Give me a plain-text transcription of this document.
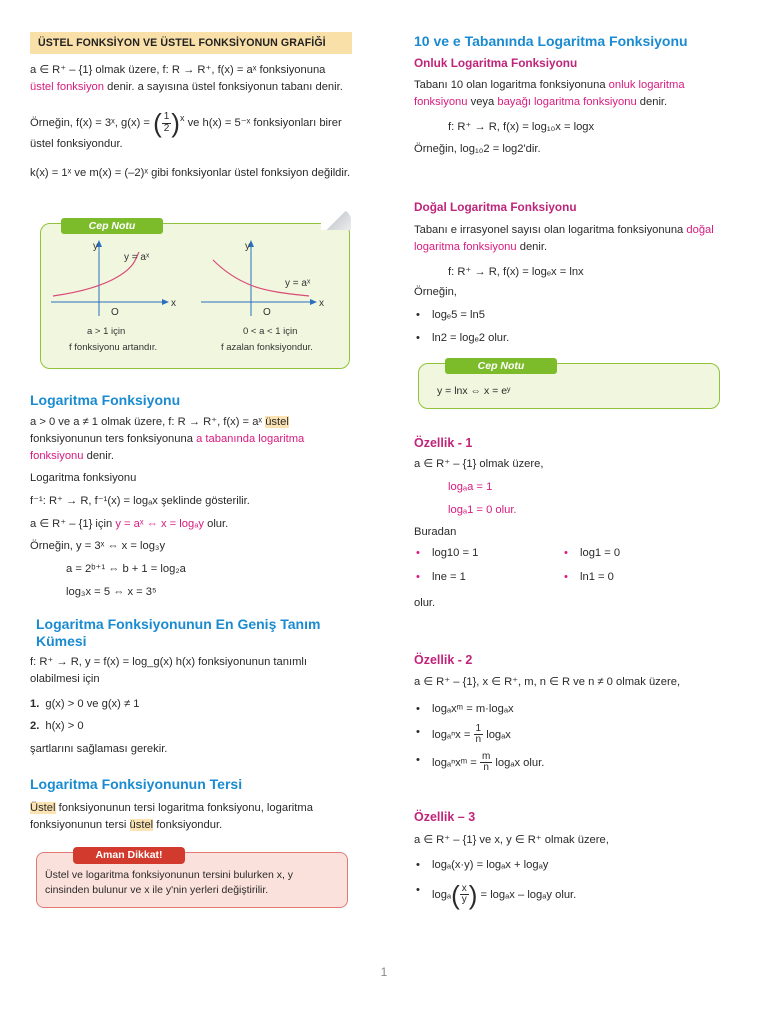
ÜSTEL FONKSİYON VE ÜSTEL FONKSİYONUN GRAFİĞİ

a ∈ R⁺ – {1} olmak üzere, f: R → R⁺, f(x) = aˣ fonksiyonuna üstel fonksiyon denir. a sayısına üstel fonksiyonun tabanı denir.

Örneğin, f(x) = 3ˣ, g(x) = ( $\frac{1}{2} )^x$ ve h(x) = 5⁻ˣ fonksiyonları birer üstel fonksiyondur.

k(x) = 1ˣ ve m(x) = (–2)ˣ gibi fonksiyonlar üstel fonksiyon değildir.

Cep Notu
y
x
O
y = aˣ
a > 1 için
f fonksiyonu artandır.
y
x
O
y = aˣ
0 < a < 1 için
f azalan fonksiyondur.
Logaritma Fonksiyonu

a > 0 ve a ≠ 1 olmak üzere, f: R → R⁺, f(x) = aˣ üstel fonksiyonunun ters fonksiyonuna a tabanında logaritma fonksiyonu denir.

Logaritma fonksiyonu

f⁻¹: R⁺ → R, f⁻¹(x) = logₐx şeklinde gösterilir.

a ∈ R⁺ – {1} için y = aˣ ⇔ x = logₐy olur.

Örneğin, y = 3ˣ ⇔ x = log₃y

a = 2ᵇ⁺¹ ⇔ b + 1 = log₂a

log₃x = 5 ⇔ x = 3⁵

Logaritma Fonksiyonunun En Geniş Tanım Kümesi

f: R⁺ → R, y = f(x) = log_g(x) h(x) fonksiyonunun tanımlı olabilmesi için

1. g(x) > 0 ve g(x) ≠ 1

2. h(x) > 0

şartlarını sağlaması gerekir.

Logaritma Fonksiyonunun Tersi

Üstel fonksiyonunun tersi logaritma fonksiyonu, logaritma fonksiyonunun tersi üstel fonksiyondur.

Aman Dikkat!

Üstel ve logaritma fonksiyonunun tersini bulurken x, y cinsinden bulunur ve x ile y'nin yerleri değiştirilir.

10 ve e Tabanında Logaritma Fonksiyonu
Onluk Logaritma Fonksiyonu

Tabanı 10 olan logaritma fonksiyonuna onluk logaritma fonksiyonu veya bayağı logaritma fonksiyonu denir.

f: R⁺ → R, f(x) = log₁₀x = logx

Örneğin, log₁₀2 = log2'dir.

Doğal Logaritma Fonksiyonu

Tabanı e irrasyonel sayısı olan logaritma fonksiyonuna doğal logaritma fonksiyonu denir.

f: R⁺ → R, f(x) = logₑx = lnx

Örneğin,

• logₑ5 = ln5

• ln2 = logₑ2 olur.

Cep Notu

y = lnx ⇔ x = eʸ

Özellik - 1

a ∈ R⁺ – {1} olmak üzere,

logₐa = 1

logₐ1 = 0 olur.

Buradan

• log10 = 1	• log1 = 0
• lne = 1	• ln1 = 0

olur.

Özellik - 2

a ∈ R⁺ – {1}, x ∈ R⁺, m, n ∈ R ve n ≠ 0 olmak üzere,

• logₐxᵐ = m·logₐx

• $\log_a^nx = \frac{1}{n}$ logₐx

• logₐⁿxᵐ = $\frac{m}{n}$ logₐx olur.

Özellik – 3

a ∈ R⁺ – {1} ve x, y ∈ R⁺ olmak üzere,

• logₐ(x·y) = logₐx + logₐy

• $\log_a( \frac{x}{y}$ ) = logₐx – logₐy olur.

1
